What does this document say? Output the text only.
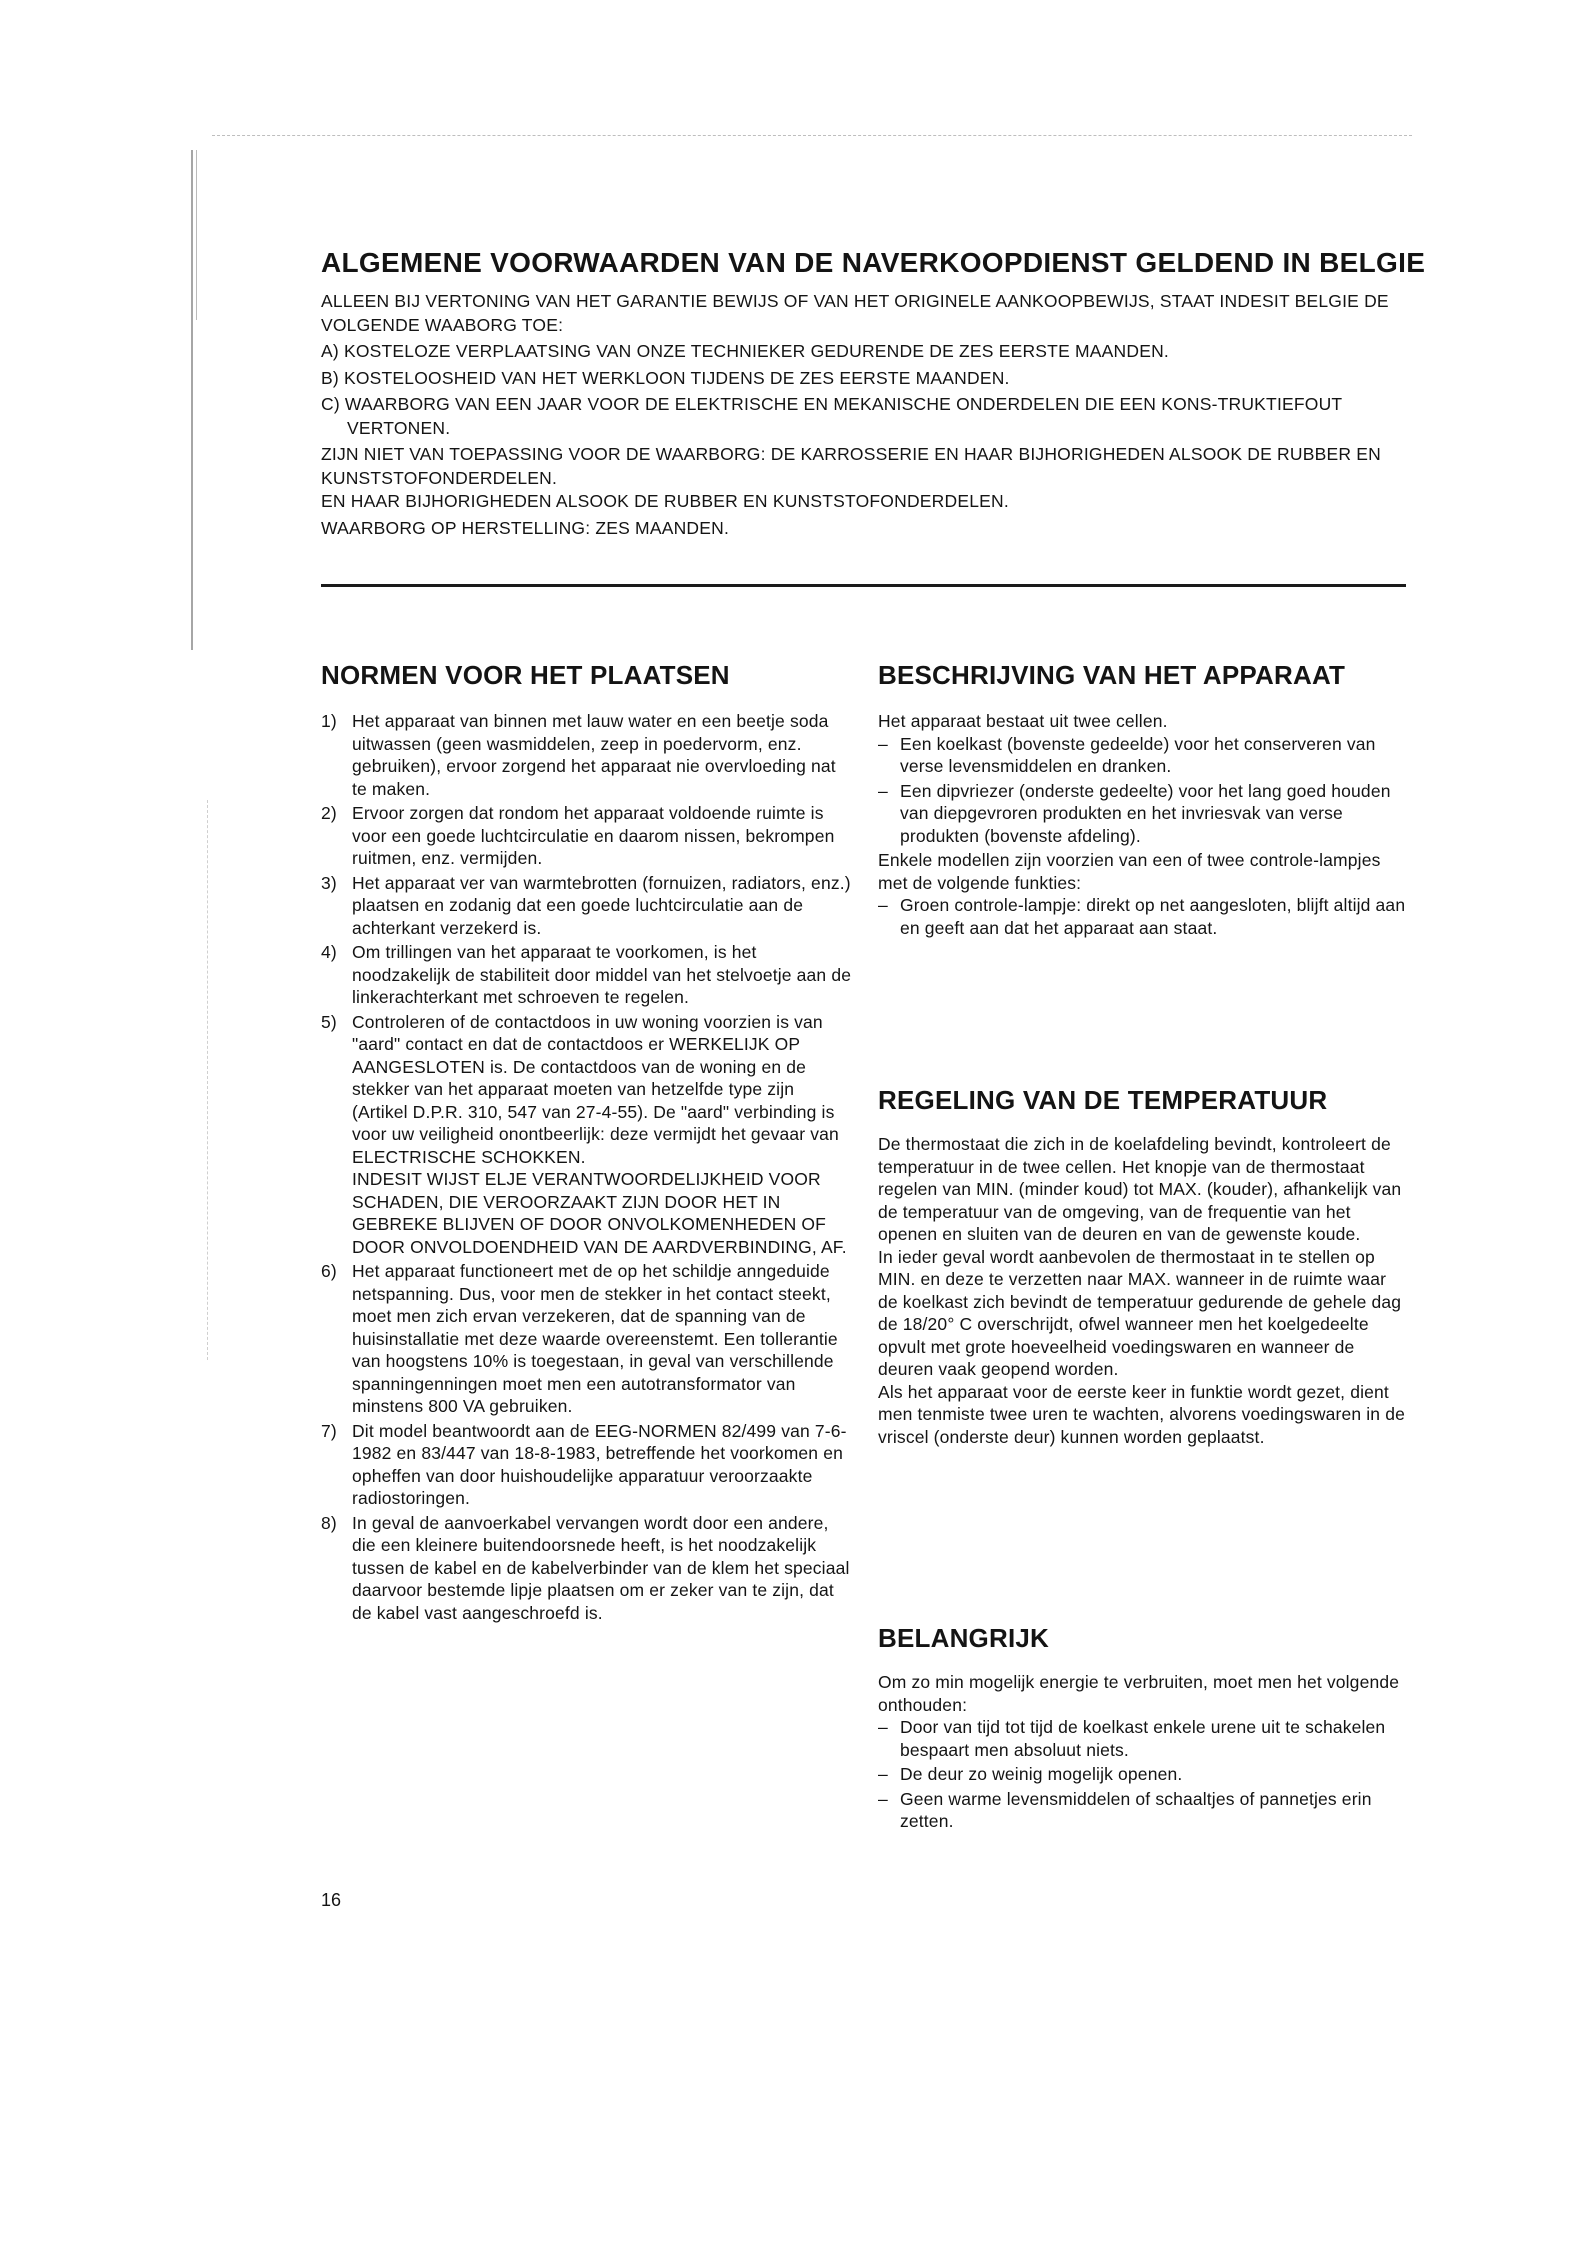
ALGEMENE VOORWAARDEN VAN DE NAVERKOOPDIENST GELDEND IN BELGIE

ALLEEN BIJ VERTONING VAN HET GARANTIE BEWIJS OF VAN HET ORIGINELE AANKOOPBEWIJS, STAAT INDESIT BELGIE DE VOLGENDE WAABORG TOE:

A) KOSTELOZE VERPLAATSING VAN ONZE TECHNIEKER GEDURENDE DE ZES EERSTE MAANDEN.

B) KOSTELOOSHEID VAN HET WERKLOON TIJDENS DE ZES EERSTE MAANDEN.

C) WAARBORG VAN EEN JAAR VOOR DE ELEKTRISCHE EN MEKANISCHE ONDERDELEN DIE EEN KONS-TRUKTIEFOUT VERTONEN.

ZIJN NIET VAN TOEPASSING VOOR DE WAARBORG: DE KARROSSERIE EN HAAR BIJHORIGHEDEN ALSOOK DE RUBBER EN KUNSTSTOFONDERDELEN.

EN HAAR BIJHORIGHEDEN ALSOOK DE RUBBER EN KUNSTSTOFONDERDELEN.

WAARBORG OP HERSTELLING: ZES MAANDEN.

NORMEN VOOR HET PLAATSEN
1) Het apparaat van binnen met lauw water en een beetje soda uitwassen (geen wasmiddelen, zeep in poedervorm, enz. gebruiken), ervoor zorgend het apparaat nie overvloeding nat te maken.
2) Ervoor zorgen dat rondom het apparaat voldoende ruimte is voor een goede luchtcirculatie en daarom nissen, bekrompen ruitmen, enz. vermijden.
3) Het apparaat ver van warmtebrotten (fornuizen, radiators, enz.) plaatsen en zodanig dat een goede luchtcirculatie aan de achterkant verzekerd is.
4) Om trillingen van het apparaat te voorkomen, is het noodzakelijk de stabiliteit door middel van het stelvoetje aan de linkerachterkant met schroeven te regelen.
5) Controleren of de contactdoos in uw woning voorzien is van "aard" contact en dat de contactdoos er WERKELIJK OP AANGESLOTEN is. De contactdoos van de woning en de stekker van het apparaat moeten van hetzelfde type zijn (Artikel D.P.R. 310, 547 van 27-4-55). De "aard" verbinding is voor uw veiligheid onontbeerlijk: deze vermijdt het gevaar van ELECTRISCHE SCHOKKEN.
INDESIT WIJST ELJE VERANTWOORDELIJKHEID VOOR SCHADEN, DIE VEROORZAAKT ZIJN DOOR HET IN GEBREKE BLIJVEN OF DOOR ONVOLKOMENHEDEN OF DOOR ONVOLDOENDHEID VAN DE AARDVERBINDING, AF.
6) Het apparaat functioneert met de op het schildje anngeduide netspanning. Dus, voor men de stekker in het contact steekt, moet men zich ervan verzekeren, dat de spanning van de huisinstallatie met deze waarde overeenstemt. Een tollerantie van hoogstens 10% is toegestaan, in geval van verschillende spanningenningen moet men een autotransformator van minstens 800 VA gebruiken.
7) Dit model beantwoordt aan de EEG-NORMEN 82/499 van 7-6-1982 en 83/447 van 18-8-1983, betreffende het voorkomen en opheffen van door huishoudelijke apparatuur veroorzaakte radiostoringen.
8) In geval de aanvoerkabel vervangen wordt door een andere, die een kleinere buitendoorsnede heeft, is het noodzakelijk tussen de kabel en de kabelverbinder van de klem het speciaal daarvoor bestemde lipje plaatsen om er zeker van te zijn, dat de kabel vast aangeschroefd is.
BESCHRIJVING VAN HET APPARAAT

Het apparaat bestaat uit twee cellen.

– Een koelkast (bovenste gedeelde) voor het conserveren van verse levensmiddelen en dranken.
– Een dipvriezer (onderste gedeelte) voor het lang goed houden van diepgevroren produkten en het invriesvak van verse produkten (bovenste afdeling).

Enkele modellen zijn voorzien van een of twee controle-lampjes met de volgende funkties:

– Groen controle-lampje: direkt op net aangesloten, blijft altijd aan en geeft aan dat het apparaat aan staat.
REGELING VAN DE TEMPERATUUR

De thermostaat die zich in de koelafdeling bevindt, kontroleert de temperatuur in de twee cellen. Het knopje van de thermostaat regelen van MIN. (minder koud) tot MAX. (kouder), afhankelijk van de temperatuur van de omgeving, van de frequentie van het openen en sluiten van de deuren en van de gewenste koude.

In ieder geval wordt aanbevolen de thermostaat in te stellen op MIN. en deze te verzetten naar MAX. wanneer in de ruimte waar de koelkast zich bevindt de temperatuur gedurende de gehele dag de 18/20° C overschrijdt, ofwel wanneer men het koelgedeelte opvult met grote hoeveelheid voedingswaren en wanneer de deuren vaak geopend worden.

Als het apparaat voor de eerste keer in funktie wordt gezet, dient men tenmiste twee uren te wachten, alvorens voedingswaren in de vriscel (onderste deur) kunnen worden geplaatst.

BELANGRIJK

Om zo min mogelijk energie te verbruiten, moet men het volgende onthouden:

– Door van tijd tot tijd de koelkast enkele urene uit te schakelen bespaart men absoluut niets.
– De deur zo weinig mogelijk openen.
– Geen warme levensmiddelen of schaaltjes of pannetjes erin zetten.
16
